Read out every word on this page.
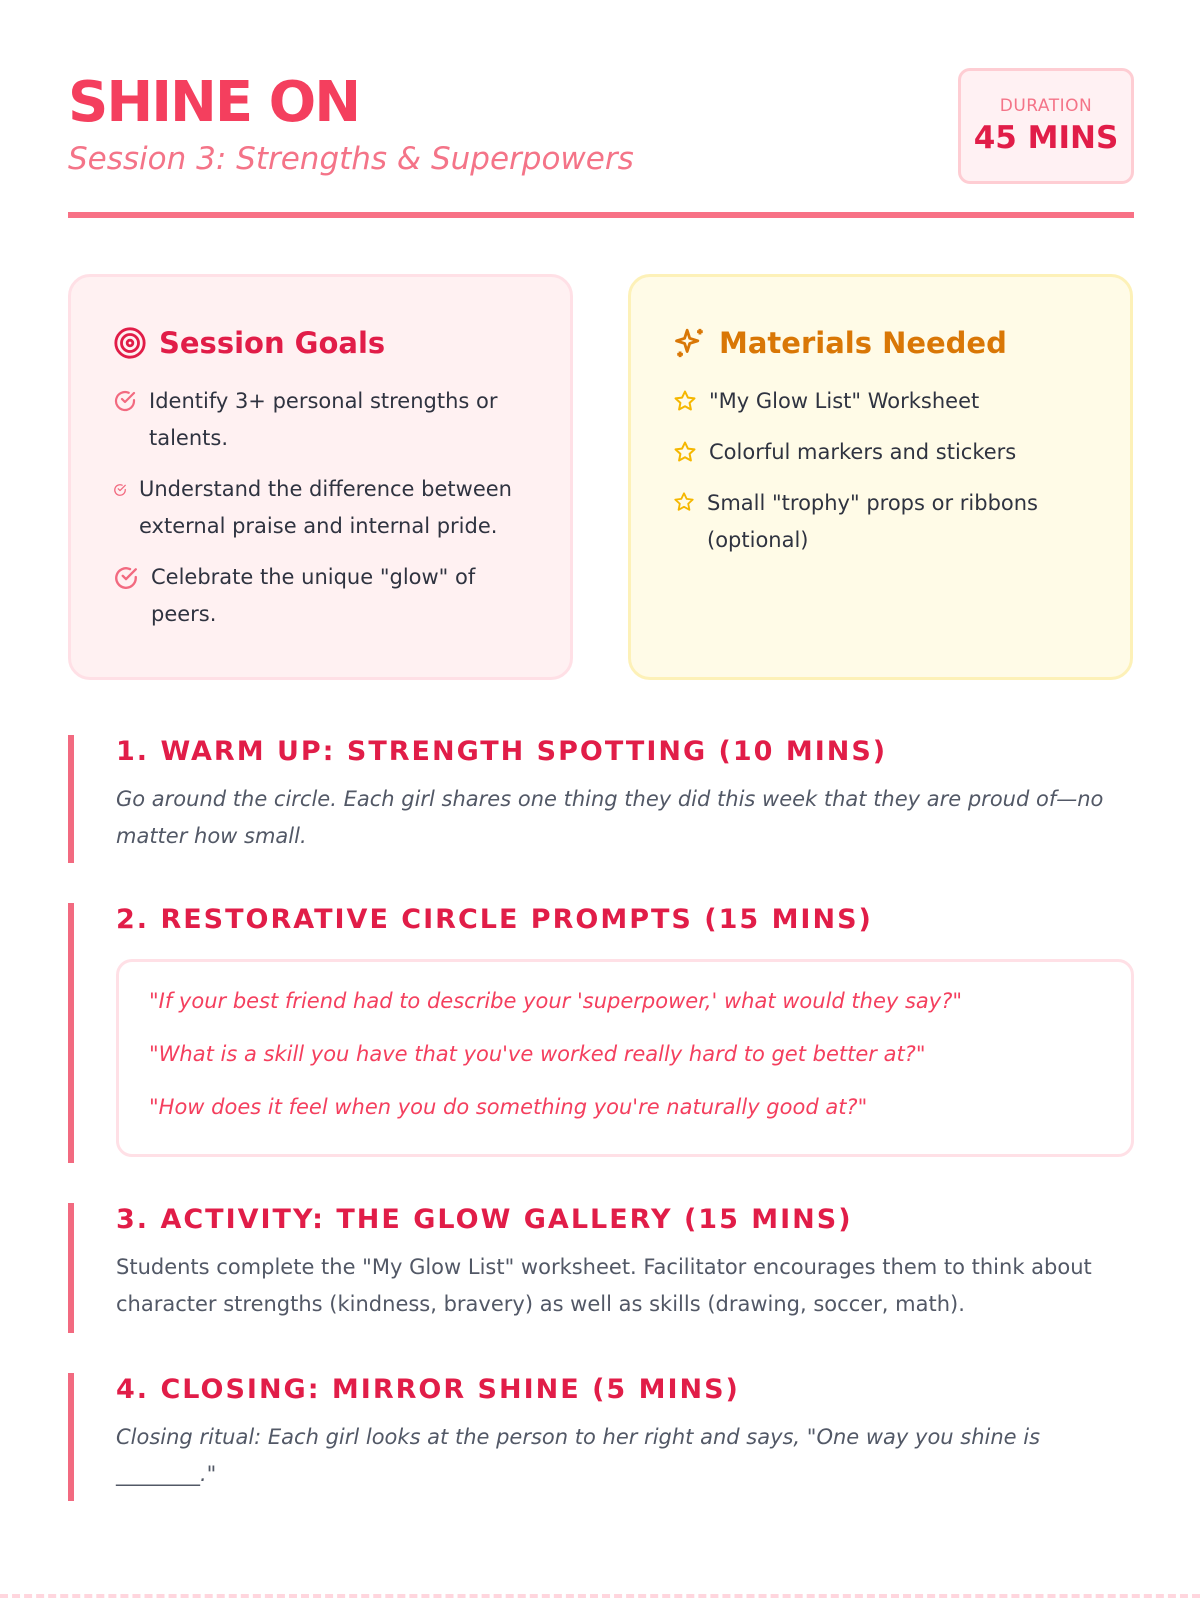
SHINE ON

Session 3: Strengths & Superpowers

DURATION
45 MINS
Session Goals
Identify 3+ personal strengths or talents.
Understand the difference between external praise and internal pride.
Celebrate the unique "glow" of peers.
Materials Needed
"My Glow List" Worksheet
Colorful markers and stickers
Small "trophy" props or ribbons (optional)
1. WARM UP: STRENGTH SPOTTING (10 MINS)

Go around the circle. Each girl shares one thing they did this week that they are proud of—no matter how small.

2. RESTORATIVE CIRCLE PROMPTS (15 MINS)
"If your best friend had to describe your 'superpower,' what would they say?"
"What is a skill you have that you've worked really hard to get better at?"
"How does it feel when you do something you're naturally good at?"
3. ACTIVITY: THE GLOW GALLERY (15 MINS)

Students complete the "My Glow List" worksheet. Facilitator encourages them to think about character strengths (kindness, bravery) as well as skills (drawing, soccer, math).

4. CLOSING: MIRROR SHINE (5 MINS)

Closing ritual: Each girl looks at the person to her right and says, "One way you shine is ________."
